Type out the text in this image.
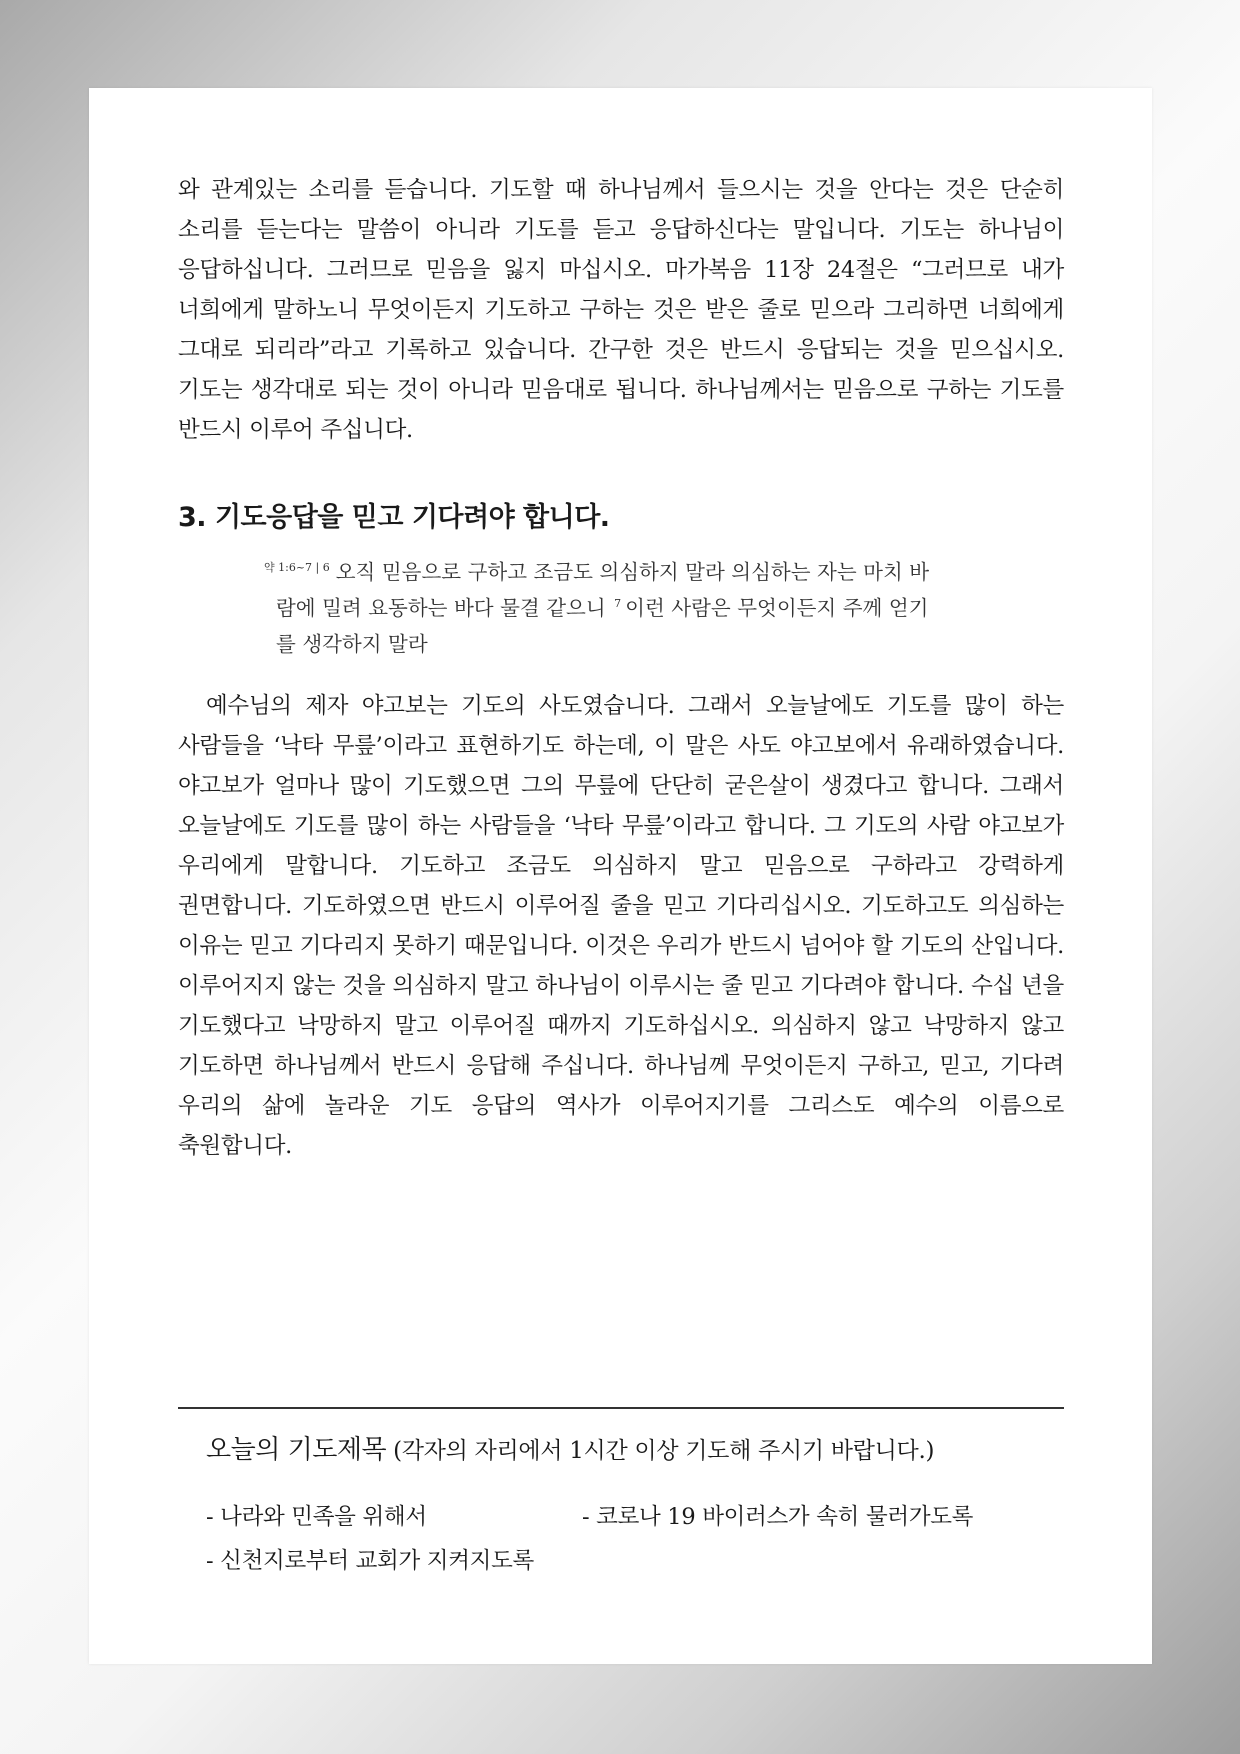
와 관계있는 소리를 듣습니다. 기도할 때 하나님께서 들으시는 것을 안다는 것은 단순히 소리를 듣는다는 말씀이 아니라 기도를 듣고 응답하신다는 말입니다. 기도는 하나님이 응답하십니다. 그러므로 믿음을 잃지 마십시오. 마가복음 11장 24절은 “그러므로 내가 너희에게 말하노니 무엇이든지 기도하고 구하는 것은 받은 줄로 믿으라 그리하면 너희에게 그대로 되리라”라고 기록하고 있습니다. 간구한 것은 반드시 응답되는 것을 믿으십시오. 기도는 생각대로 되는 것이 아니라 믿음대로 됩니다. 하나님께서는 믿음으로 구하는 기도를 반드시 이루어 주십니다.

3. 기도응답을 믿고 기다려야 합니다.
$^{약 1:6\sim 7 | 6}$ 오직 믿음으로 구하고 조금도 의심하지 말라 의심하는 자는 마치 바
람에 밀려 요동하는 바다 물결 같으니 $^7$ 이런 사람은 무엇이든지 주께 얻기
를 생각하지 말라

예수님의 제자 야고보는 기도의 사도였습니다. 그래서 오늘날에도 기도를 많이 하는 사람들을 ‘낙타 무릎’이라고 표현하기도 하는데, 이 말은 사도 야고보에서 유래하였습니다. 야고보가 얼마나 많이 기도했으면 그의 무릎에 단단히 굳은살이 생겼다고 합니다. 그래서 오늘날에도 기도를 많이 하는 사람들을 ‘낙타 무릎’이라고 합니다. 그 기도의 사람 야고보가 우리에게 말합니다. 기도하고 조금도 의심하지 말고 믿음으로 구하라고 강력하게 권면합니다. 기도하였으면 반드시 이루어질 줄을 믿고 기다리십시오. 기도하고도 의심하는 이유는 믿고 기다리지 못하기 때문입니다. 이것은 우리가 반드시 넘어야 할 기도의 산입니다. 이루어지지 않는 것을 의심하지 말고 하나님이 이루시는 줄 믿고 기다려야 합니다. 수십 년을 기도했다고 낙망하지 말고 이루어질 때까지 기도하십시오. 의심하지 않고 낙망하지 않고 기도하면 하나님께서 반드시 응답해 주십니다. 하나님께 무엇이든지 구하고, 믿고, 기다려 우리의 삶에 놀라운 기도 응답의 역사가 이루어지기를 그리스도 예수의 이름으로 축원합니다.

오늘의 기도제목 (각자의 자리에서 1시간 이상 기도해 주시기 바랍니다.)
- 나라와 민족을 위해서	- 코로나 19 바이러스가 속히 물러가도록
- 신천지로부터 교회가 지켜지도록
